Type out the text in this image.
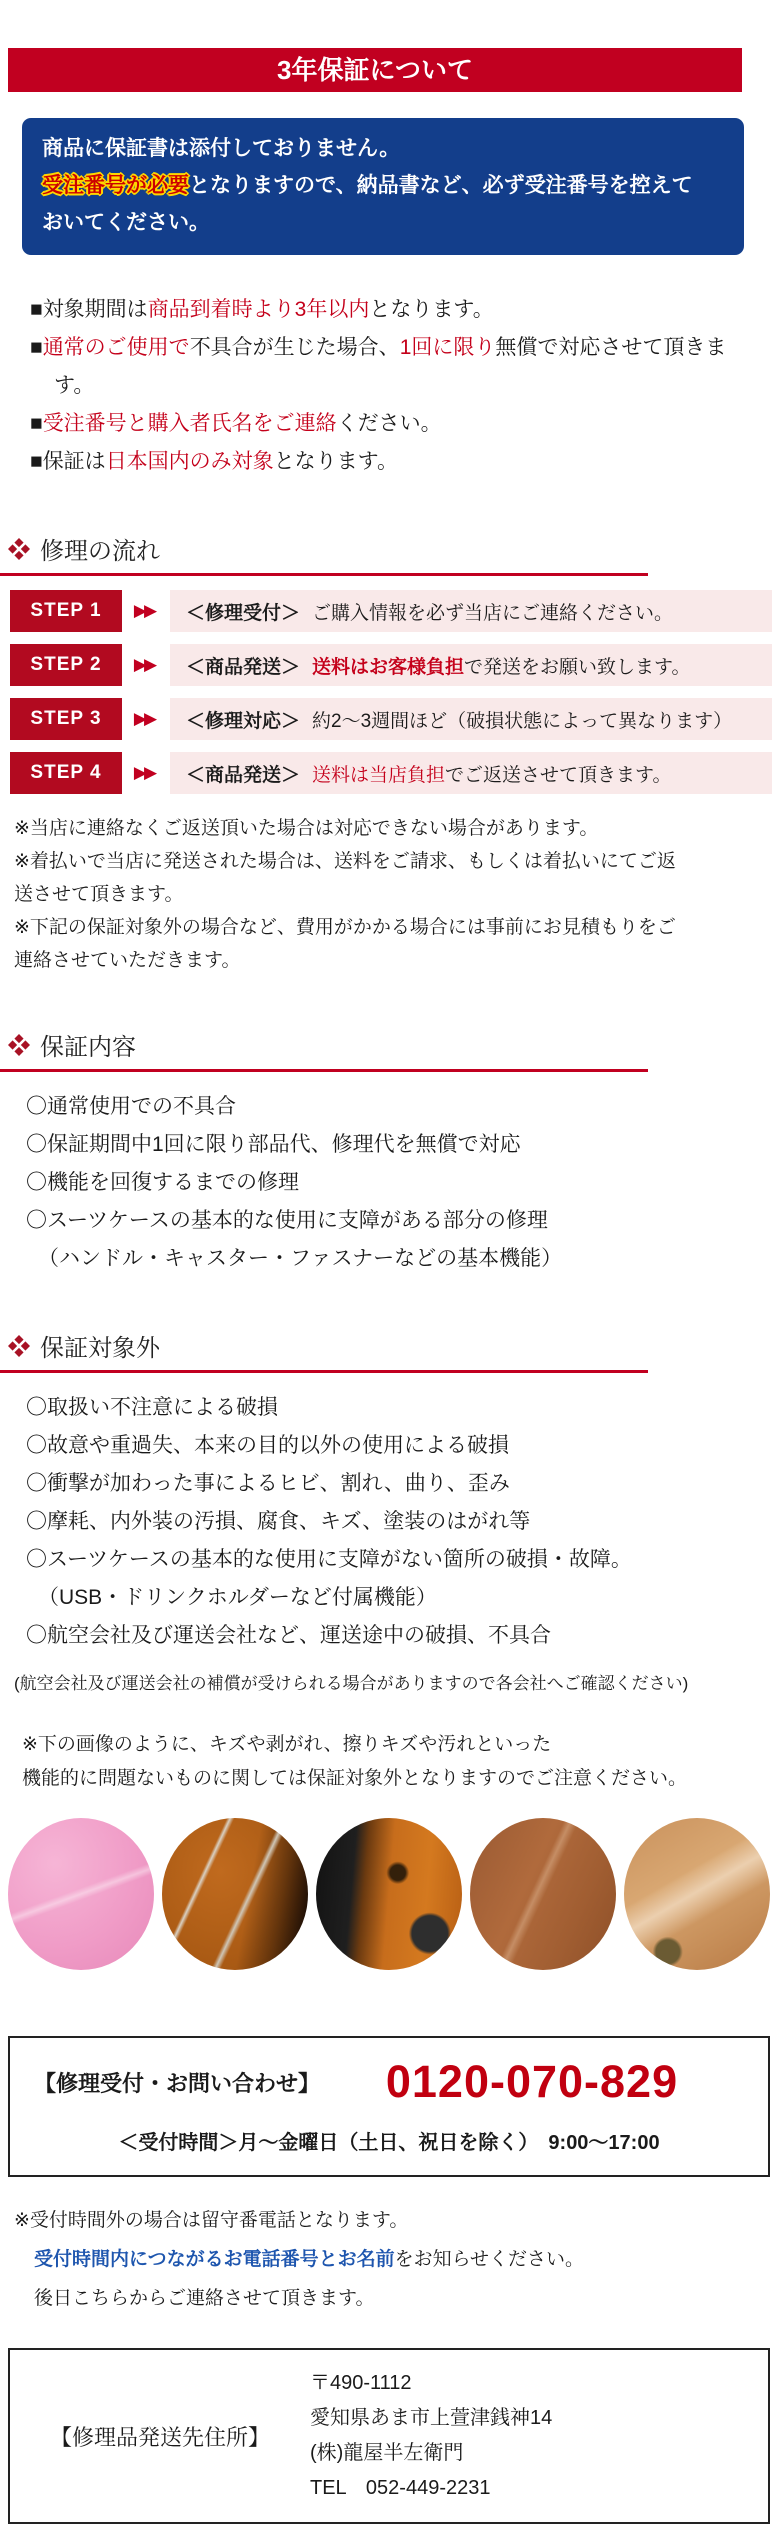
3年保証について

商品に保証書は添付しておりません。

受注番号が必要となりますので、納品書など、必ず受注番号を控えて

おいてください。

■対象期間は商品到着時より3年以内となります。
■通常のご使用で不具合が生じた場合、1回に限り無償で対応させて頂きます。
■受注番号と購入者氏名をご連絡ください。
■保証は日本国内のみ対象となります。
修理の流れ
STEP 1	▶▶	＜修理受付＞ ご購入情報を必ず当店にご連絡ください。
STEP 2	▶▶	＜商品発送＞ 送料はお客様負担 で発送をお願い致します。
STEP 3	▶▶	＜修理対応＞ 約2～3週間ほど（破損状態によって異なります）
STEP 4	▶▶	＜商品発送＞ 送料は当店負担 でご返送させて頂きます。

※当店に連絡なくご返送頂いた場合は対応できない場合があります。

※着払いで当店に発送された場合は、送料をご請求、もしくは着払いにてご返送させて頂きます。

※下記の保証対象外の場合など、費用がかかる場合には事前にお見積もりをご連絡させていただきます。

保証内容
〇通常使用での不具合
〇保証期間中1回に限り部品代、修理代を無償で対応
〇機能を回復するまでの修理
〇スーツケースの基本的な使用に支障がある部分の修理
（ハンドル・キャスター・ファスナーなどの基本機能）
保証対象外
〇取扱い不注意による破損
〇故意や重過失、本来の目的以外の使用による破損
〇衝撃が加わった事によるヒビ、割れ、曲り、歪み
〇摩耗、内外装の汚損、腐食、キズ、塗装のはがれ等
〇スーツケースの基本的な使用に支障がない箇所の破損・故障。
（USB・ドリンクホルダーなど付属機能）
〇航空会社及び運送会社など、運送途中の破損、不具合

(航空会社及び運送会社の補償が受けられる場合がありますので各会社へご確認ください)

※下の画像のように、キズや剥がれ、擦りキズや汚れといった

機能的に問題ないものに関しては保証対象外となりますのでご注意ください。

【修理受付・お問い合わせ】	0120-070-829
＜受付時間＞月～金曜日（土日、祝日を除く）　9:00～17:00

※受付時間外の場合は留守番電話となります。

受付時間内につながるお電話番号とお名前をお知らせください。

後日こちらからご連絡させて頂きます。

【修理品発送先住所】
〒490-1112
愛知県あま市上萱津銭神14
(株)龍屋半左衛門
TEL　052-449-2231
